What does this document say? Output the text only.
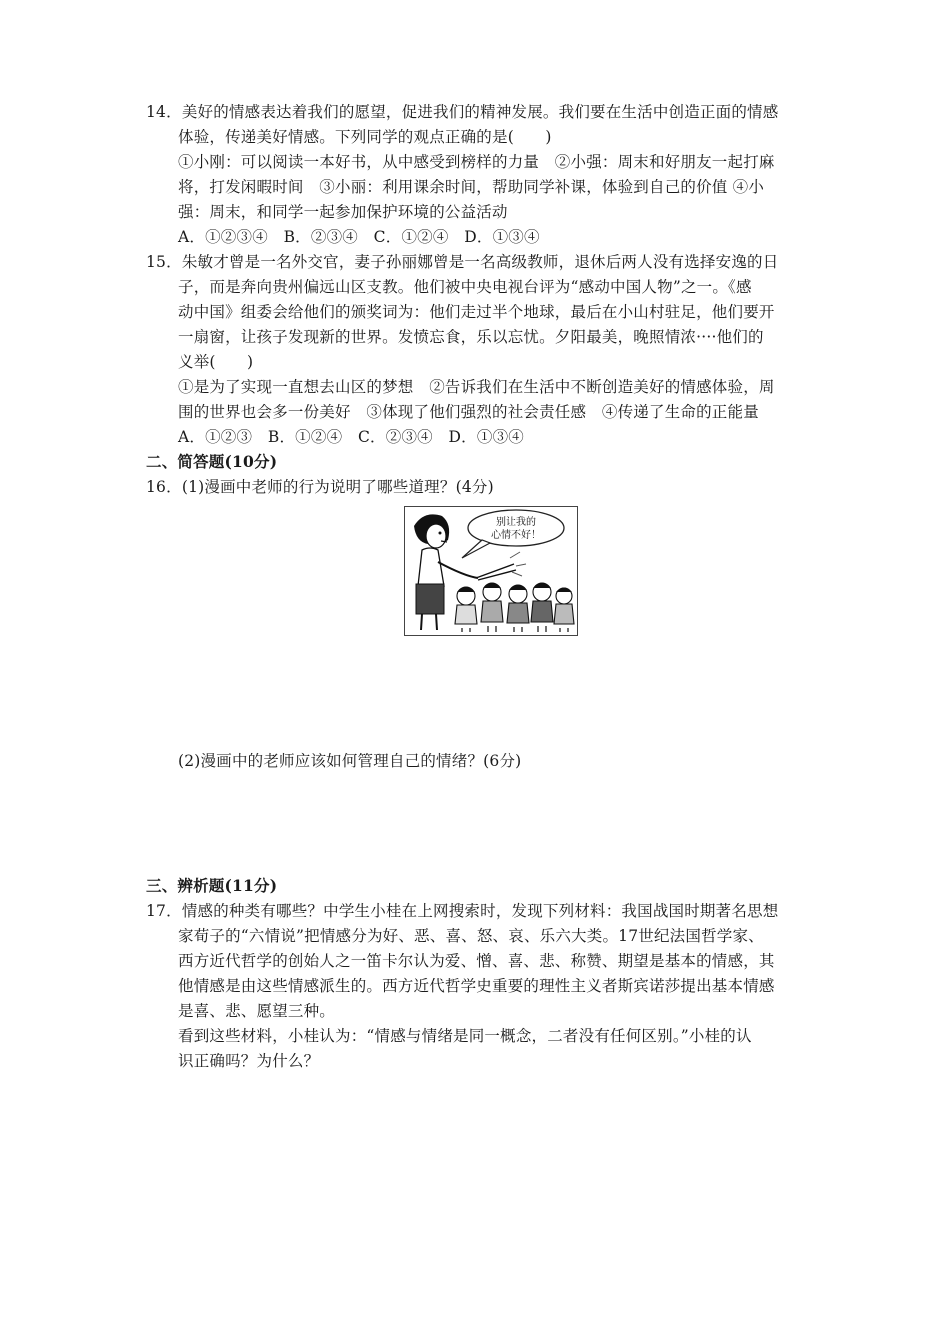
14．美好的情感表达着我们的愿望，促进我们的精神发展。我们要在生活中创造正面的情感
体验，传递美好情感。下列同学的观点正确的是(　　)
①小刚：可以阅读一本好书，从中感受到榜样的力量　②小强：周末和好朋友一起打麻
将，打发闲暇时间　③小丽：利用课余时间，帮助同学补课，体验到自己的价值 ④小
强：周末，和同学一起参加保护环境的公益活动
A．①②③④　B．②③④　C．①②④　D．①③④
15．朱敏才曾是一名外交官，妻子孙丽娜曾是一名高级教师，退休后两人没有选择安逸的日
子，而是奔向贵州偏远山区支教。他们被中央电视台评为“感动中国人物”之一。《感
动中国》组委会给他们的颁奖词为：他们走过半个地球，最后在小山村驻足，他们要开
一扇窗，让孩子发现新的世界。发愤忘食，乐以忘忧。夕阳最美，晚照情浓····他们的
义举(　　)
①是为了实现一直想去山区的梦想　②告诉我们在生活中不断创造美好的情感体验，周
围的世界也会多一份美好　③体现了他们强烈的社会责任感　④传递了生命的正能量
A．①②③　B．①②④　C．②③④　D．①③④
二、简答题(10分)
16．(1)漫画中老师的行为说明了哪些道理？(4分)
别让我的
心情不好！
(2)漫画中的老师应该如何管理自己的情绪？(6分)
三、辨析题(11分)
17．情感的种类有哪些？中学生小桂在上网搜索时，发现下列材料：我国战国时期著名思想
家荀子的“六情说”把情感分为好、恶、喜、怒、哀、乐六大类。17世纪法国哲学家、
西方近代哲学的创始人之一笛卡尔认为爱、憎、喜、悲、称赞、期望是基本的情感，其
他情感是由这些情感派生的。西方近代哲学史重要的理性主义者斯宾诺莎提出基本情感
是喜、悲、愿望三种。
看到这些材料，小桂认为：“情感与情绪是同一概念，二者没有任何区别。”小桂的认
识正确吗？为什么？
